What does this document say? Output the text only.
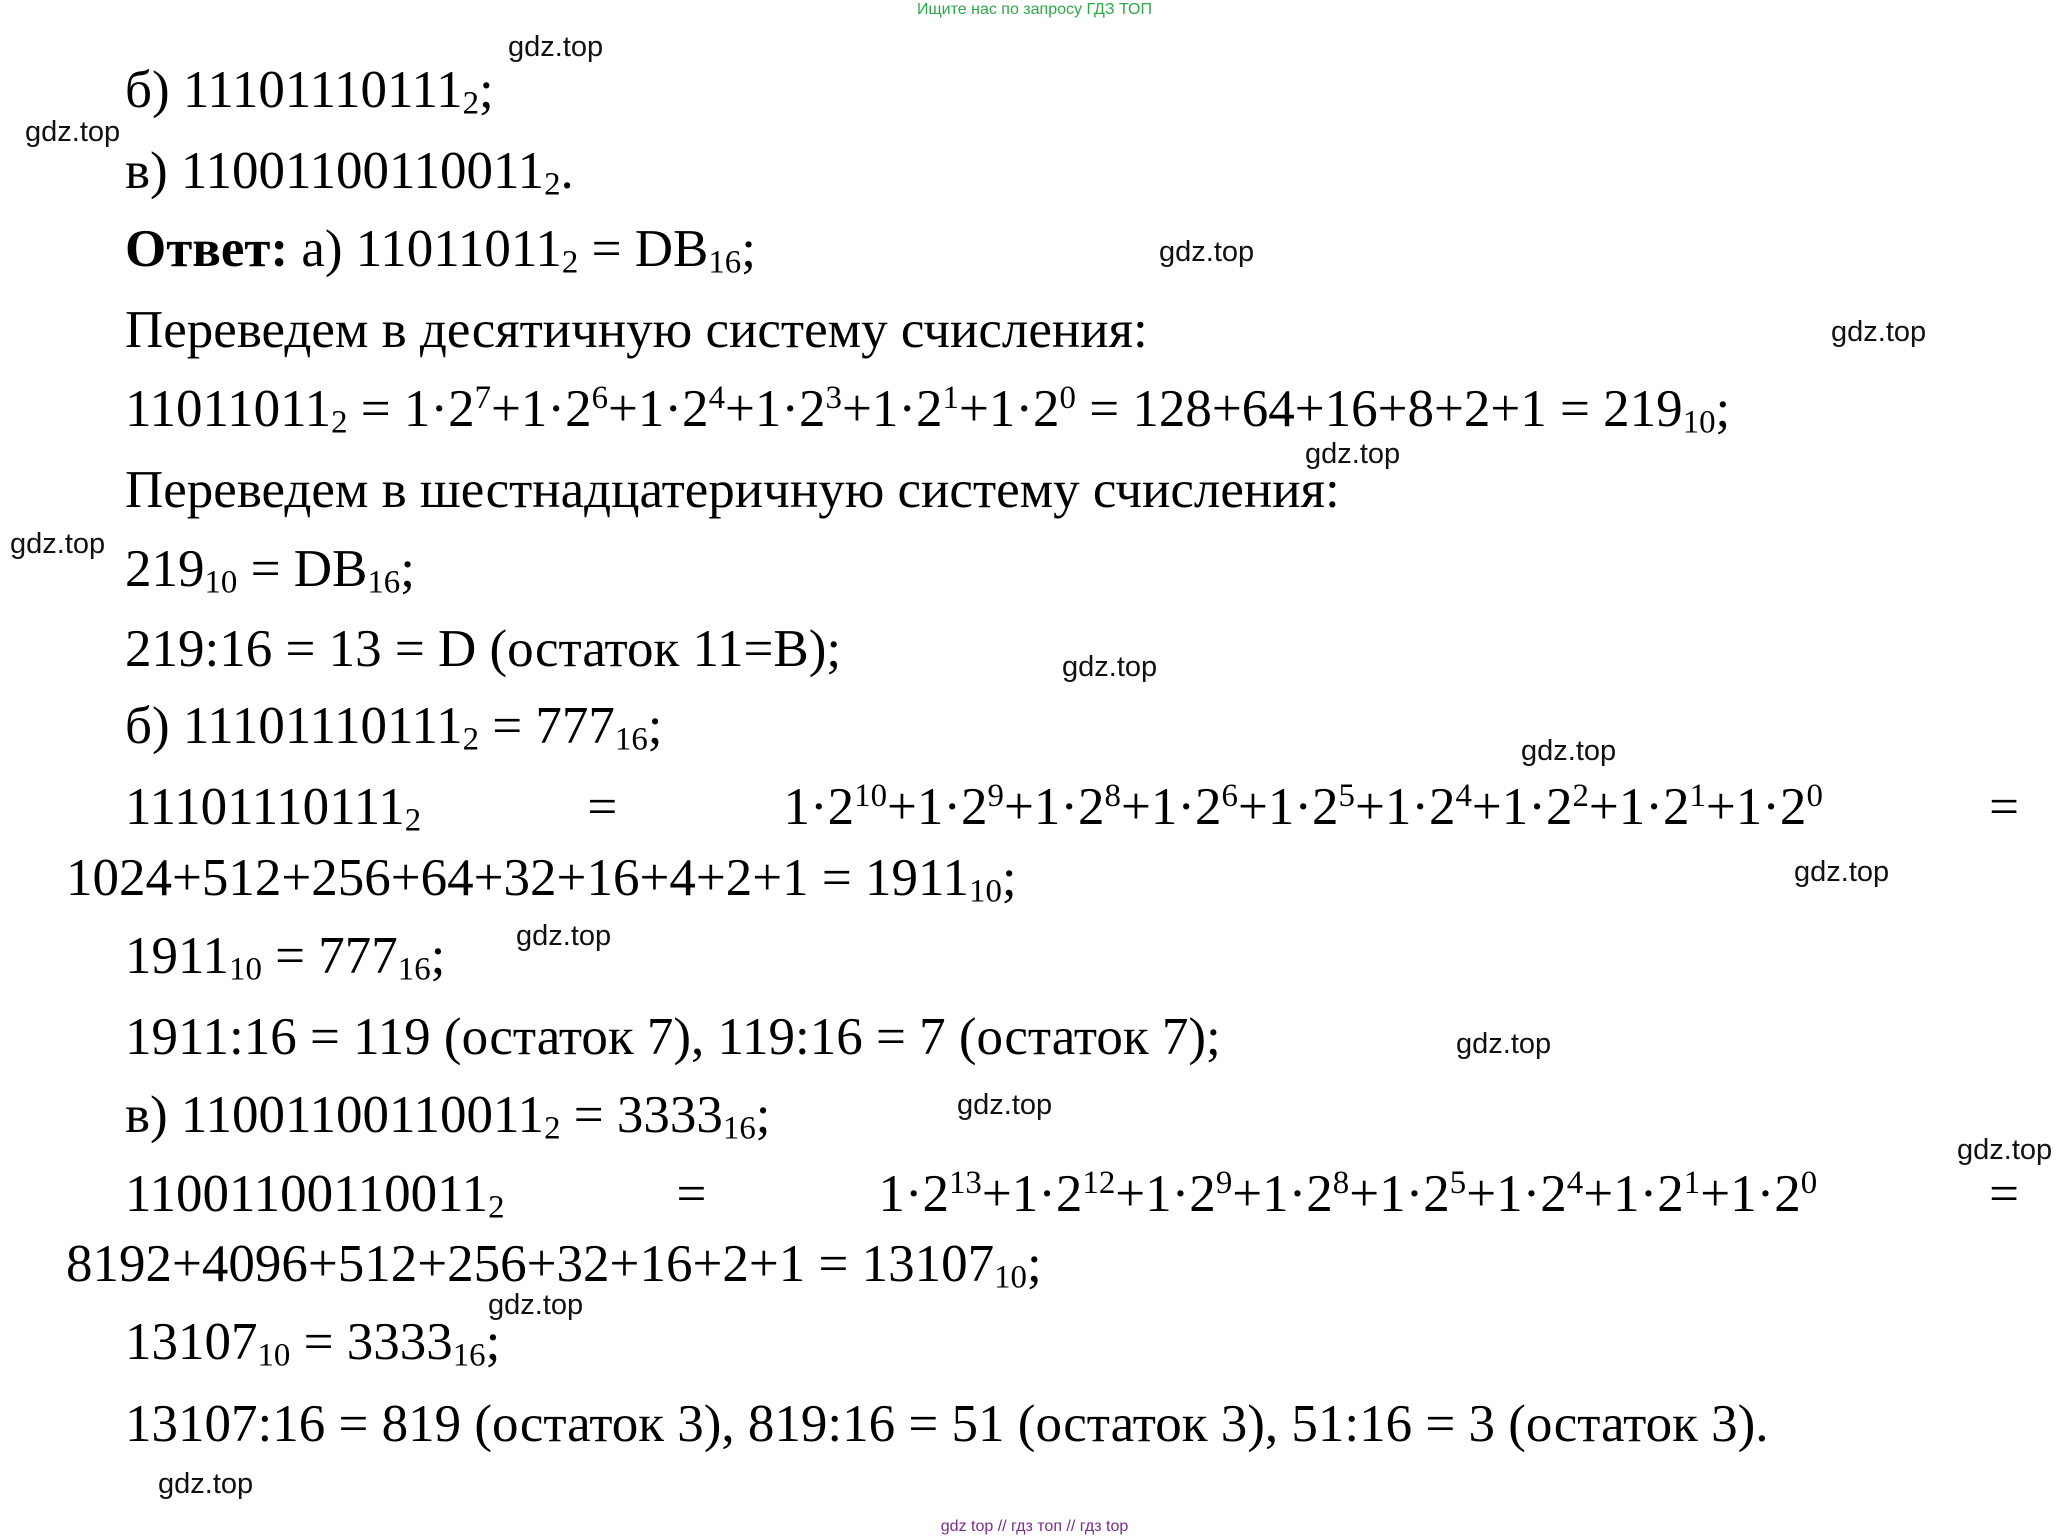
Ищите нас по запросу ГДЗ ТОП
gdz.top
gdz.top
gdz.top
gdz.top
gdz.top
gdz.top
gdz.top
gdz.top
gdz.top
gdz.top
gdz.top
gdz.top
gdz.top
gdz.top
gdz.top
б) $11101110111_2$;
в) $11001100110011_2$.
Ответ: а) $11011011_2 = DB_{16}$;
Переведем в десятичную систему счисления:
$11011011_2 = 1\cdot 2^7+1\cdot 2^6+1\cdot 2^4+1\cdot 2^3+1\cdot 2^1+1\cdot 2^0 = 128+64+16+8+2+1 = 219_{10}$;
Переведем в шестнадцатеричную систему счисления:
$219_{10} = DB_{16}$;
219:16 = 13 = D (остаток 11=B);
б) $11101110111_2 = 777_{16}$;
$11101110111_2 = 1\cdot 2^{10}+1\cdot 2^9+1\cdot 2^8+1\cdot 2^6+1\cdot 2^5+1\cdot 2^4+1\cdot 2^2+1\cdot 2^1+1\cdot 2^0$ =
$1024+512+256+64+32+16+4+2+1 = 1911_{10}$;
$1911_{10} = 777_{16}$;
1911:16 = 119 (остаток 7), 119:16 = 7 (остаток 7);
в) $11001100110011_2 = 3333_{16}$;
$11001100110011_2 = 1\cdot 2^{13}+1\cdot 2^{12}+1\cdot 2^9+1\cdot 2^8+1\cdot 2^5+1\cdot 2^4+1\cdot 2^1+1\cdot 2^0$ =
$8192+4096+512+256+32+16+2+1 = 13107_{10}$;
$13107_{10} = 3333_{16}$;
13107:16 = 819 (остаток 3), 819:16 = 51 (остаток 3), 51:16 = 3 (остаток 3).
gdz top // гдз топ // гдз top
